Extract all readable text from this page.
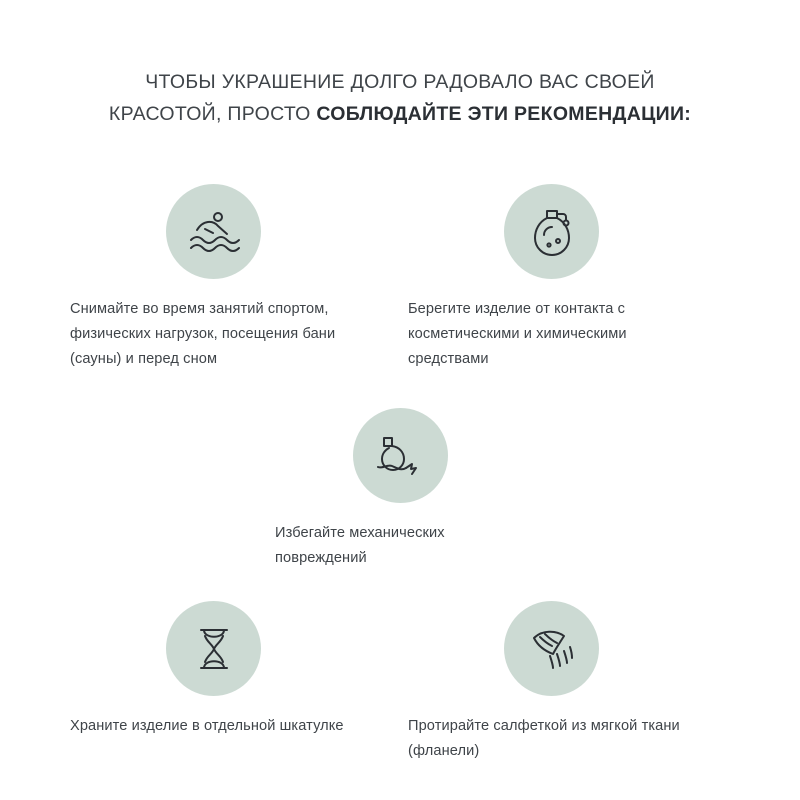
ЧТОБЫ УКРАШЕНИЕ ДОЛГО РАДОВАЛО ВАС СВОЕЙ
КРАСОТОЙ, ПРОСТО СОБЛЮДАЙТЕ ЭТИ РЕКОМЕНДАЦИИ:
Снимайте во время занятий спортом, физических нагрузок, посещения бани (сауны) и перед сном
Берегите изделие от контакта с косметическими и химическими средствами
Избегайте механических повреждений
Храните изделие в отдельной шкатулке	Протирайте салфеткой из мягкой ткани (фланели)
